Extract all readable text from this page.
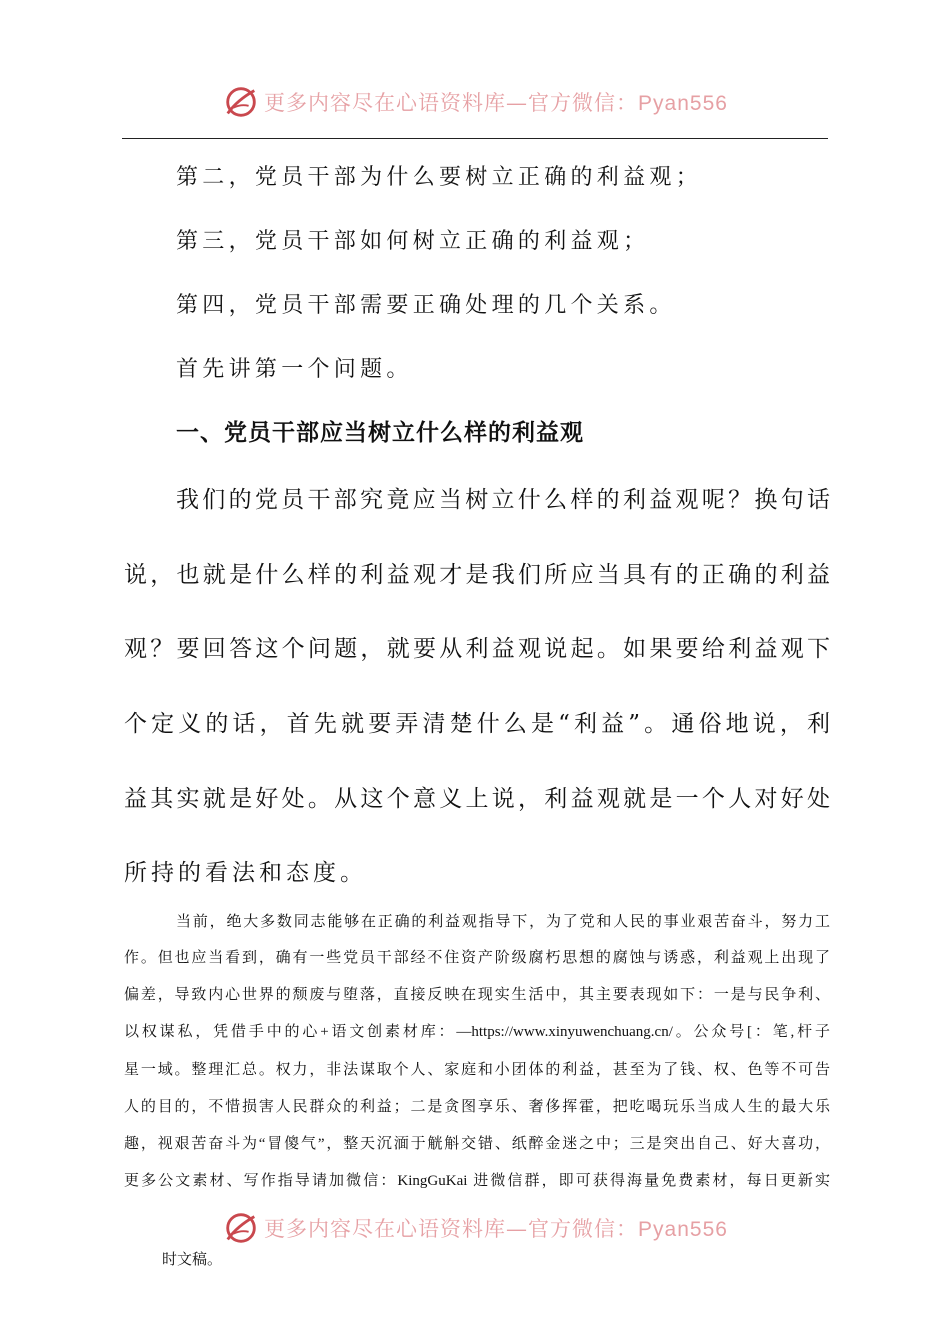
更多内容尽在心语资料库—官方微信：Pyan556
第二，党员干部为什么要树立正确的利益观；
第三，党员干部如何树立正确的利益观；
第四，党员干部需要正确处理的几个关系。
首先讲第一个问题。
一、党员干部应当树立什么样的利益观
我们的党员干部究竟应当树立什么样的利益观呢？换句话
说，也就是什么样的利益观才是我们所应当具有的正确的利益
观？要回答这个问题，就要从利益观说起。如果要给利益观下
个定义的话，首先就要弄清楚什么是“利益”。通俗地说，利
益其实就是好处。从这个意义上说，利益观就是一个人对好处
所持的看法和态度。
当前，绝大多数同志能够在正确的利益观指导下，为了党和人民的事业艰苦奋斗，努力工
作。但也应当看到，确有一些党员干部经不住资产阶级腐朽思想的腐蚀与诱惑，利益观上出现了
偏差，导致内心世界的颓废与堕落，直接反映在现实生活中，其主要表现如下：一是与民争利、
以权谋私，凭借手中的心+语文创素材库：—https://www.xinyuwenchuang.cn/。公众号[：笔,杆子
星一域。整理汇总。权力，非法谋取个人、家庭和小团体的利益，甚至为了钱、权、色等不可告
人的目的，不惜损害人民群众的利益；二是贪图享乐、奢侈挥霍，把吃喝玩乐当成人生的最大乐
趣，视艰苦奋斗为“冒傻气”，整天沉湎于觥斛交错、纸醉金迷之中；三是突出自己、好大喜功，
更多公文素材、写作指导请加微信：KingGuKai 进微信群，即可获得海量免费素材，每日更新实
更多内容尽在心语资料库—官方微信：Pyan556
时文稿。
